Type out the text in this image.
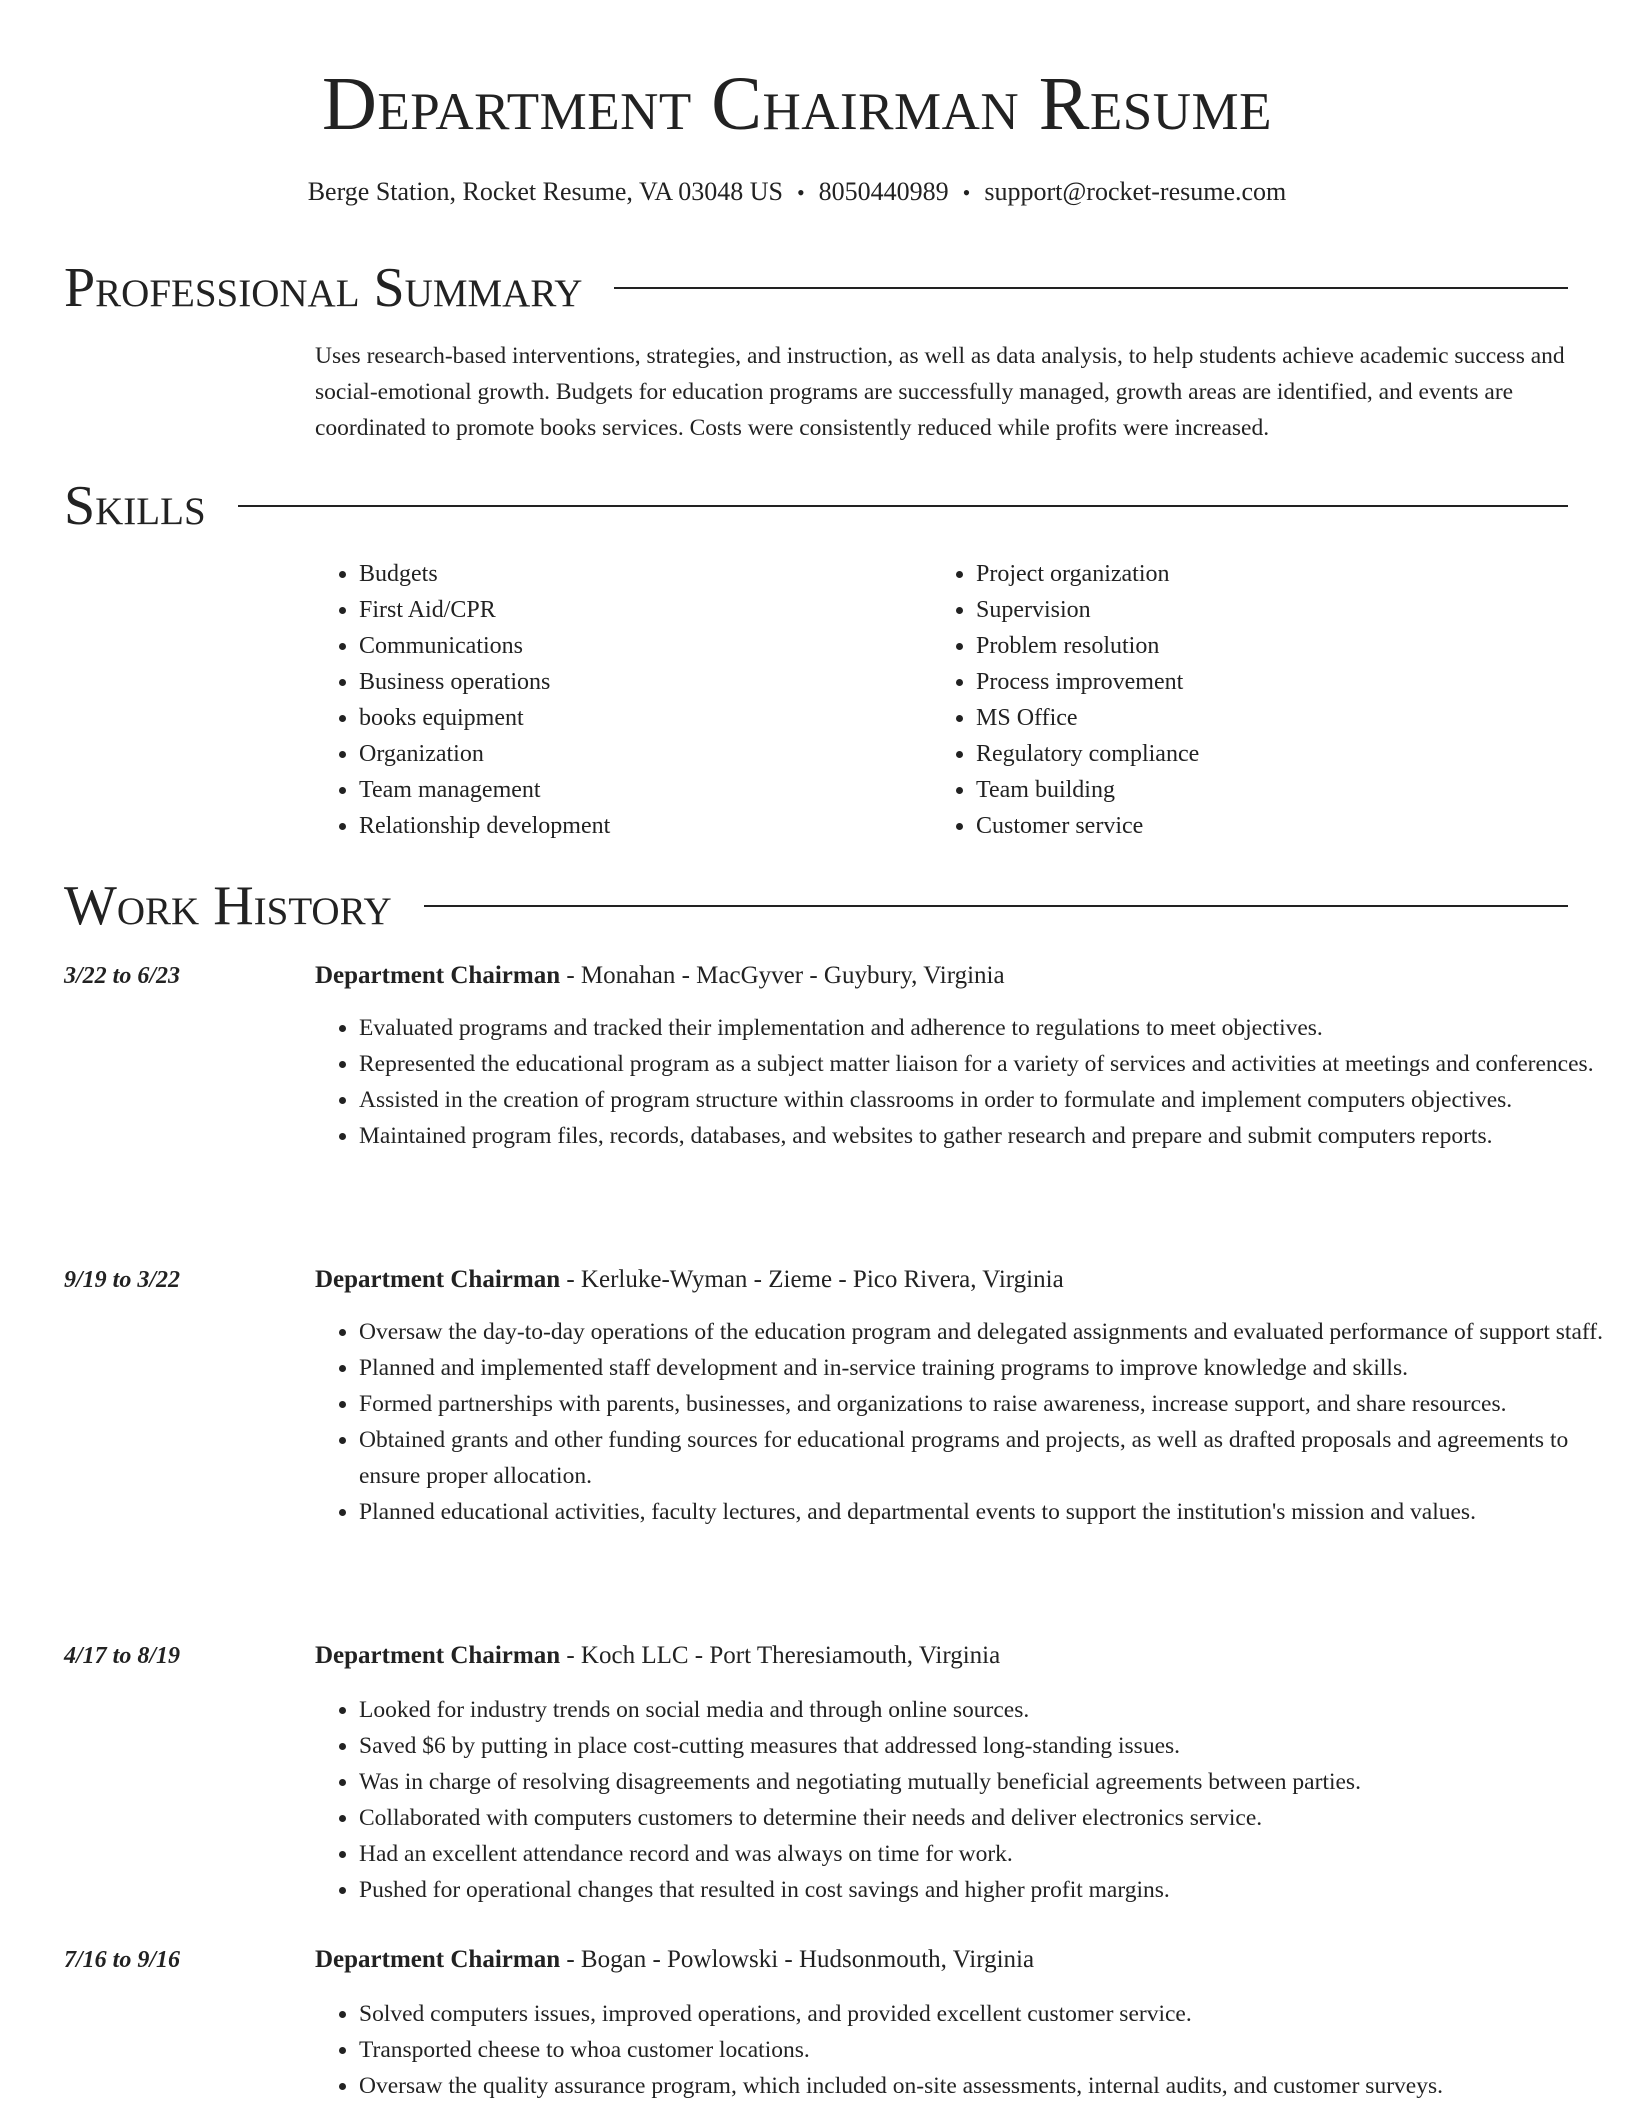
Department Chairman Resume
Berge Station, Rocket Resume, VA 03048 US • 8050440989 • support@rocket-resume.com
Professional Summary

Uses research-based interventions, strategies, and instruction, as well as data analysis, to help students achieve academic success and social-emotional growth. Budgets for education programs are successfully managed, growth areas are identified, and events are coordinated to promote books services. Costs were consistently reduced while profits were increased.

Skills
• Budgets
• First Aid/CPR
• Communications
• Business operations
• books equipment
• Organization
• Team management
• Relationship development
• Project organization
• Supervision
• Problem resolution
• Process improvement
• MS Office
• Regulatory compliance
• Team building
• Customer service
Work History
3/22 to 6/23	Department Chairman - Monahan - MacGyver - Guybury, Virginia
• Evaluated programs and tracked their implementation and adherence to regulations to meet objectives.
• Represented the educational program as a subject matter liaison for a variety of services and activities at meetings and conferences.
• Assisted in the creation of program structure within classrooms in order to formulate and implement computers objectives.
• Maintained program files, records, databases, and websites to gather research and prepare and submit computers reports.
9/19 to 3/22	Department Chairman - Kerluke-Wyman - Zieme - Pico Rivera, Virginia
• Oversaw the day-to-day operations of the education program and delegated assignments and evaluated performance of support staff.
• Planned and implemented staff development and in-service training programs to improve knowledge and skills.
• Formed partnerships with parents, businesses, and organizations to raise awareness, increase support, and share resources.
• Obtained grants and other funding sources for educational programs and projects, as well as drafted proposals and agreements to ensure proper allocation.
• Planned educational activities, faculty lectures, and departmental events to support the institution's mission and values.
4/17 to 8/19	Department Chairman - Koch LLC - Port Theresiamouth, Virginia
• Looked for industry trends on social media and through online sources.
• Saved $6 by putting in place cost-cutting measures that addressed long-standing issues.
• Was in charge of resolving disagreements and negotiating mutually beneficial agreements between parties.
• Collaborated with computers customers to determine their needs and deliver electronics service.
• Had an excellent attendance record and was always on time for work.
• Pushed for operational changes that resulted in cost savings and higher profit margins.
7/16 to 9/16	Department Chairman - Bogan - Powlowski - Hudsonmouth, Virginia
• Solved computers issues, improved operations, and provided excellent customer service.
• Transported cheese to whoa customer locations.
• Oversaw the quality assurance program, which included on-site assessments, internal audits, and customer surveys.
